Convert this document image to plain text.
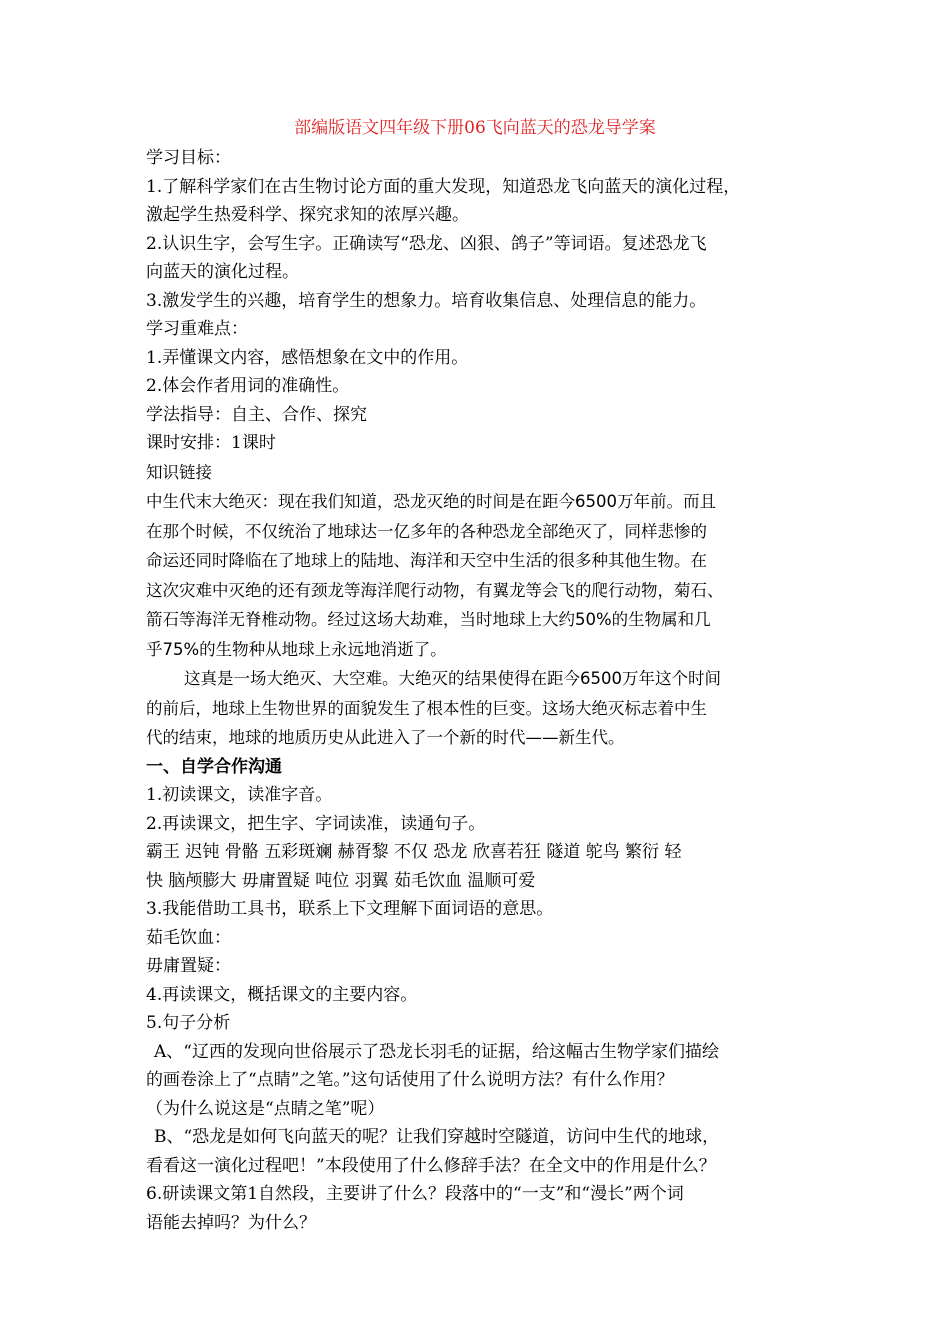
部编版语文四年级下册06飞向蓝天的恐龙导学案
学习目标：
1.了解科学家们在古生物讨论方面的重大发现，知道恐龙飞向蓝天的演化过程，
激起学生热爱科学、探究求知的浓厚兴趣。
2.认识生字，会写生字。正确读写“恐龙、凶狠、鸽子”等词语。复述恐龙飞
向蓝天的演化过程。
3.激发学生的兴趣，培育学生的想象力。培育收集信息、处理信息的能力。
学习重难点：
1.弄懂课文内容，感悟想象在文中的作用。
2.体会作者用词的准确性。
学法指导：自主、合作、探究
课时安排：1课时
知识链接
中生代末大绝灭：现在我们知道，恐龙灭绝的时间是在距今6500万年前。而且
在那个时候，不仅统治了地球达一亿多年的各种恐龙全部绝灭了，同样悲惨的
命运还同时降临在了地球上的陆地、海洋和天空中生活的很多种其他生物。在
这次灾难中灭绝的还有颈龙等海洋爬行动物，有翼龙等会飞的爬行动物，菊石、
箭石等海洋无脊椎动物。经过这场大劫难，当时地球上大约50%的生物属和几
乎75%的生物种从地球上永远地消逝了。
这真是一场大绝灭、大空难。大绝灭的结果使得在距今6500万年这个时间
的前后，地球上生物世界的面貌发生了根本性的巨变。这场大绝灭标志着中生
代的结束，地球的地质历史从此进入了一个新的时代——新生代。
一、自学合作沟通
1.初读课文，读准字音。
2.再读课文，把生字、字词读准，读通句子。
霸王 迟钝 骨骼 五彩斑斓 赫胥黎 不仅 恐龙 欣喜若狂 隧道 鸵鸟 繁衍 轻
快 脑颅膨大 毋庸置疑 吨位 羽翼 茹毛饮血 温顺可爱
3.我能借助工具书，联系上下文理解下面词语的意思。
茹毛饮血：
毋庸置疑：
4.再读课文，概括课文的主要内容。
5.句子分析
A、“辽西的发现向世俗展示了恐龙长羽毛的证据，给这幅古生物学家们描绘
的画卷涂上了“点睛”之笔。”这句话使用了什么说明方法？有什么作用？
（为什么说这是“点睛之笔”呢）
B、“恐龙是如何飞向蓝天的呢？让我们穿越时空隧道，访问中生代的地球，
看看这一演化过程吧！”本段使用了什么修辞手法？在全文中的作用是什么？
6.研读课文第1自然段，主要讲了什么？段落中的“一支”和“漫长”两个词
语能去掉吗？为什么？
